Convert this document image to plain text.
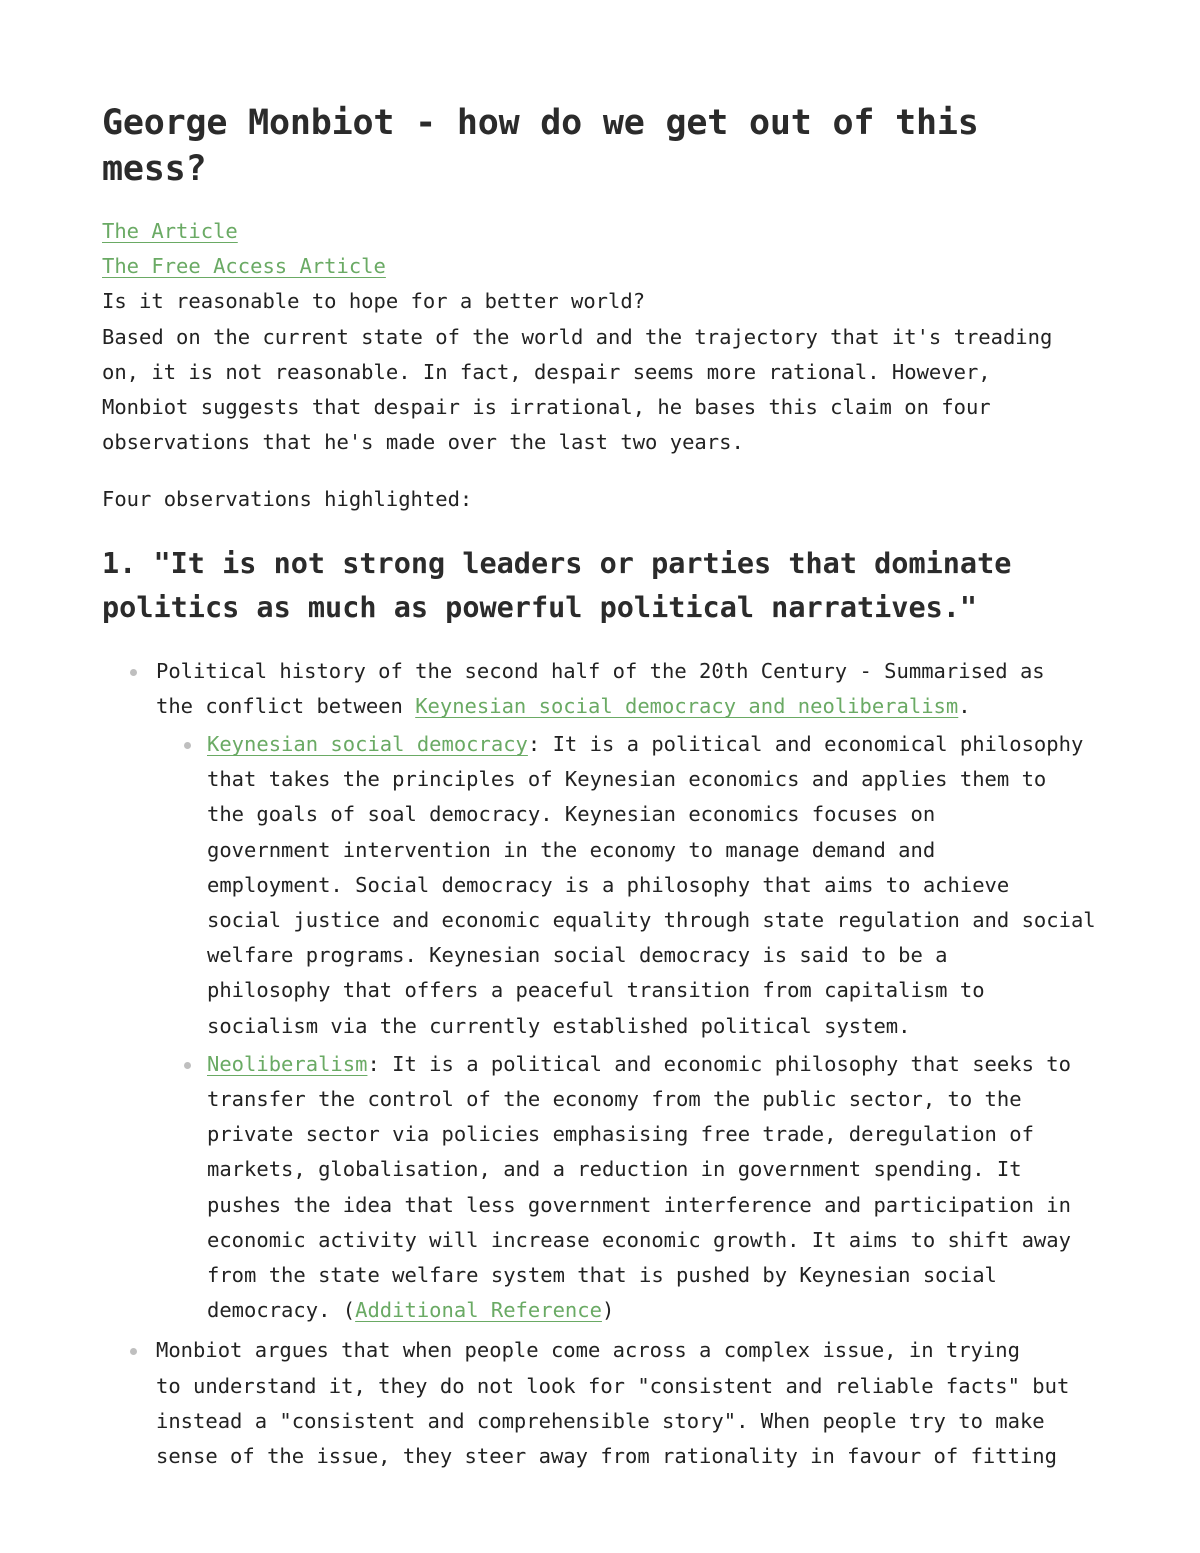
George Monbiot - how do we get out of this
mess?
The Article
The Free Access Article
Is it reasonable to hope for a better world?
Based on the current state of the world and the trajectory that it's treading
on, it is not reasonable. In fact, despair seems more rational. However,
Monbiot suggests that despair is irrational, he bases this claim on four
observations that he's made over the last two years.
Four observations highlighted:
1. "It is not strong leaders or parties that dominate
politics as much as powerful political narratives."
Political history of the second half of the 20th Century - Summarised as
the conflict between Keynesian social democracy and neoliberalism.
Keynesian social democracy: It is a political and economical philosophy
that takes the principles of Keynesian economics and applies them to
the goals of soal democracy. Keynesian economics focuses on
government intervention in the economy to manage demand and
employment. Social democracy is a philosophy that aims to achieve
social justice and economic equality through state regulation and social
welfare programs. Keynesian social democracy is said to be a
philosophy that offers a peaceful transition from capitalism to
socialism via the currently established political system.
Neoliberalism: It is a political and economic philosophy that seeks to
transfer the control of the economy from the public sector, to the
private sector via policies emphasising free trade, deregulation of
markets, globalisation, and a reduction in government spending. It
pushes the idea that less government interference and participation in
economic activity will increase economic growth. It aims to shift away
from the state welfare system that is pushed by Keynesian social
democracy. (Additional Reference)
Monbiot argues that when people come across a complex issue, in trying
to understand it, they do not look for "consistent and reliable facts" but
instead a "consistent and comprehensible story". When people try to make
sense of the issue, they steer away from rationality in favour of fitting
